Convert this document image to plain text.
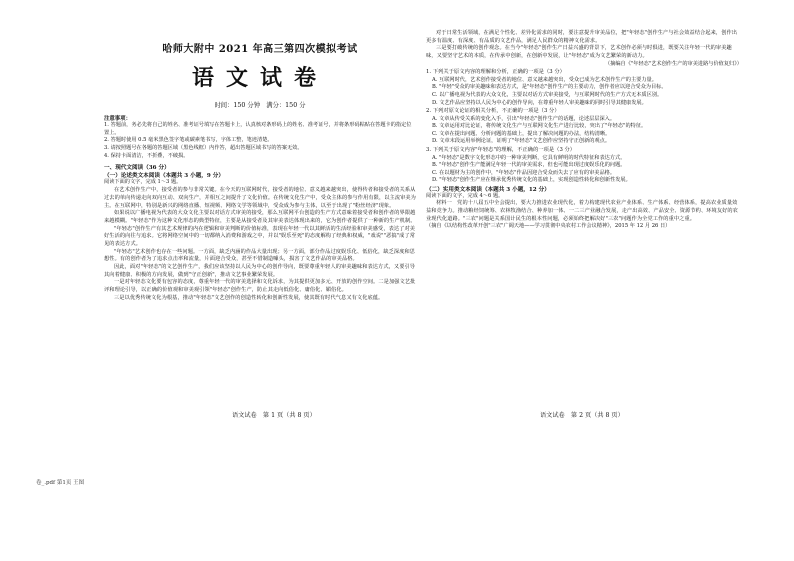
哈师大附中 2021 年高三第四次模拟考试
语文试卷
时间：150 分钟　满分：150 分

注意事项：

1. 答题前，务必先将自己的姓名、准考证号填写在答题卡上，认真核对条形码上的姓名、准考证号，并将条形码粘贴在答题卡的指定位置上。

2. 答题时使用 0.5 毫米黑色签字笔或碳素笔书写，字体工整，笔迹清楚。

3. 请按照题号在各题的答题区域（黑色线框）内作答，超出答题区域书写的答案无效。

4. 保持卡面清洁，不折叠，不破损。

一、现代文阅读（36 分）

（一）论述类文本阅读（本题共 3 小题，9 分）

阅读下面的文字，完成 1～3 题。

在艺术创作生产中，接受者的参与非常关键。在今天的互联网时代，接受者的地位、意义越来越突出，使得传者和接受者的关系从过去的单向传递走向双向互动、双向生产，并相互之间提升了文化价值。在传统文化生产中，受众主体的参与作用有限，以主流审美为主。在互联网中，特别是新兴的网络直播、短视频、网络文学等领域中，受众成为参与主体，以至于出现了"粉丝经济"现象。

如果说以广播电视为代表的大众文化主要以对话方式审美的接受，那么互联网平台创造的生产方式意味着接受者和创作者的界限越来越模糊。"年轻态"作为这种文化形态的典型特征，主要是从接受者及其审美表达体现出来的，它为创作者提供了一种新的生产机制。

"年轻态"创作生产有其艺术规律的内在逻辑和审美判断的价值标准，表现在年轻一代以其鲜活的生活经验和审美感受，表达了对美好生活的向往与追求。它将网络空间中的一切都纳入消费和游戏之中，并以"娱乐至死"的态度解构了经典和权威，"戏说""恶搞"成了常见的表达方式。

"年轻态"艺术创作也存在一些问题。一方面，缺乏内涵的作品大量出现；另一方面，部分作品过度娱乐化、低俗化，缺乏深度和思想性。有的创作者为了追求点击率和流量，片面迎合受众，甚至不惜制造噱头，损害了文艺作品的审美品格。

因此，面对"年轻态"的文艺创作生产，我们应该坚持以人民为中心的创作导向，既要尊重年轻人的审美趣味和表达方式，又要引导其向着健康、积极的方向发展，做到"守正创新"，推动文艺事业繁荣发展。

一是对年轻态文化要有包容的态度，尊重年轻一代的审美选择和文化诉求，为其提供更加多元、开放的创作空间。二是加强文艺批评和理论引导，以正确的价值观和审美观引领"年轻态"创作生产，防止其走向低俗化、庸俗化、媚俗化。

三是以优秀传统文化为根基，推动"年轻态"文艺创作的创造性转化和创新性发展，使其既有时代气息又有文化底蕴。

语文试卷　第 1 页（共 8 页）

对于日常生活领域，在满足个性化、差异化需求的同时，要注意提升审美品位，把"年轻态"创作生产与社会效益结合起来，创作出更多有温度、有深度、有品质的文艺作品，满足人民群众的精神文化需求。

三是要打破传统的创作观念。在当今"年轻态"创作生产日益兴盛的背景下，艺术创作必须与时俱进，既要关注年轻一代的审美趣味，又要坚守艺术的本质，在传承中创新，在创新中发展，让"年轻态"成为文艺繁荣的新动力。

（摘编自《"年轻态"艺术创作生产的审美进路与价值复归》）

1. 下列关于原文内容的理解和分析，正确的一项是（3 分）

A. 互联网时代，艺术创作接受者的地位、意义越来越突出，受众已成为艺术创作生产的主要力量。

B. "年轻"受众的审美趣味和表达方式，是"年轻态"创作生产的主要动力，创作者应以迎合受众为目标。

C. 以广播电视为代表的大众文化，主要以对话方式审美接受，与互联网时代的生产方式无本质区别。

D. 文艺作品应坚持以人民为中心的创作导向，在尊重年轻人审美趣味的同时引导其健康发展。

2. 下列对原文论证的相关分析，不正确的一项是（3 分）

A. 文章从传受关系的变化入手，引出"年轻态"创作生产的话题，论述层层深入。

B. 文章运用对比论证，将传统文化生产与互联网文化生产进行比较，突出了"年轻态"的特征。

C. 文章在提出问题、分析问题的基础上，提出了解决问题的办法，结构清晰。

D. 文章末段运用举例论证，证明了"年轻态"文艺创作应坚持守正创新的观点。

3. 下列关于原文内容"年轻态"的理解，不正确的一项是（3 分）

A. "年轻态"是数字文化形态中的一种审美判断，它具有鲜明的时代特征和表达方式。

B. "年轻态"创作生产能满足年轻一代的审美需求，但也可能出现过度娱乐化的问题。

C. 在以题材为主的创作中，"年轻态"作品因迎合受众而失去了应有的审美品格。

D. "年轻态"创作生产应在继承优秀传统文化的基础上，实现创造性转化和创新性发展。

（二）实用类文本阅读（本题共 3 小题，12 分）

阅读下面的文字，完成 4～6 题。

材料一　党的十八届五中全会提出，要大力推进农业现代化，着力构建现代农业产业体系、生产体系、经营体系，提高农业质量效益和竞争力。推动粮经饲统筹、农林牧渔结合、种养加一体、一二三产业融合发展，走产出高效、产品安全、资源节约、环境友好的农业现代化道路。"三农"问题是关系国计民生的根本性问题，必须始终把解决好"三农"问题作为全党工作的重中之重。

（摘自《以结构性改革开创"三农"广阔天地——学习贯彻中央农村工作会议精神》，2015 年 12 月 26 日）

语文试卷　第 2 页（共 8 页）
卷_.pdf 第1页 王图
